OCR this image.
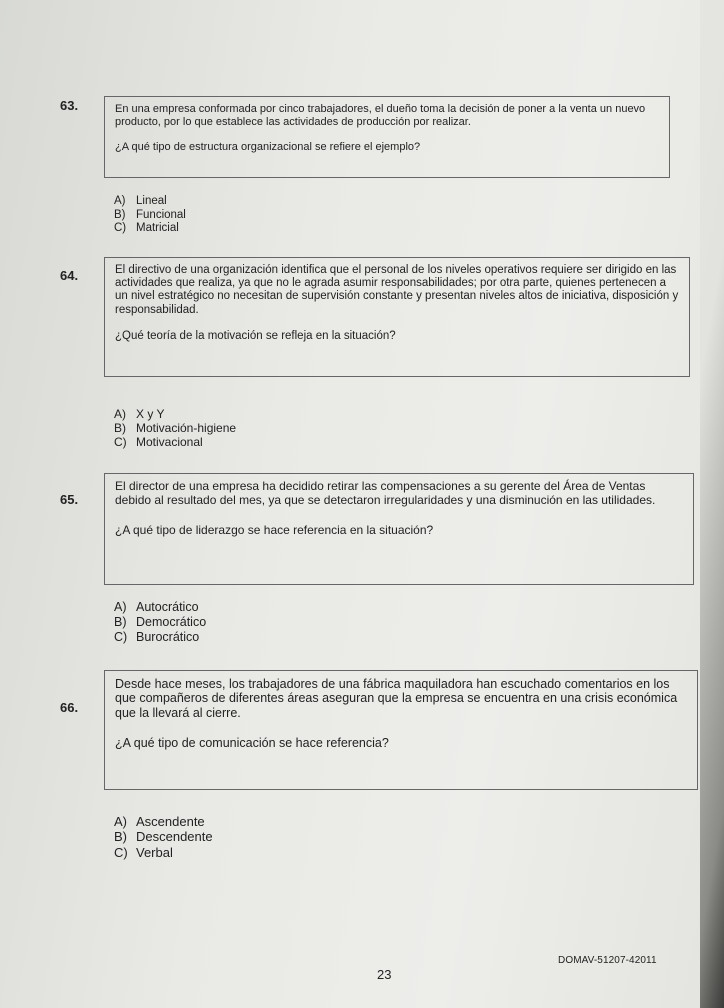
63.	En una empresa conformada por cinco trabajadores, el dueño toma la decisión de poner a la venta un nuevo producto, por lo que establece las actividades de producción por realizar.

¿A qué tipo de estructura organizacional se refiere el ejemplo?

A) Lineal
B) Funcional
C) Matricial
64.	El directivo de una organización identifica que el personal de los niveles operativos requiere ser dirigido en las actividades que realiza, ya que no le agrada asumir responsabilidades; por otra parte, quienes pertenecen a un nivel estratégico no necesitan de supervisión constante y presentan niveles altos de iniciativa, disposición y responsabilidad.

¿Qué teoría de la motivación se refleja en la situación?

A) X y Y
B) Motivación-higiene
C) Motivacional
65.

El director de una empresa ha decidido retirar las compensaciones a su gerente del Área de Ventas debido al resultado del mes, ya que se detectaron irregularidades y una disminución en las utilidades.

¿A qué tipo de liderazgo se hace referencia en la situación?

A) Autocrático
B) Democrático
C) Burocrático
66.

Desde hace meses, los trabajadores de una fábrica maquiladora han escuchado comentarios en los que compañeros de diferentes áreas aseguran que la empresa se encuentra en una crisis económica que la llevará al cierre.

¿A qué tipo de comunicación se hace referencia?

A) Ascendente
B) Descendente
C) Verbal
23
DOMAV-51207-42011
